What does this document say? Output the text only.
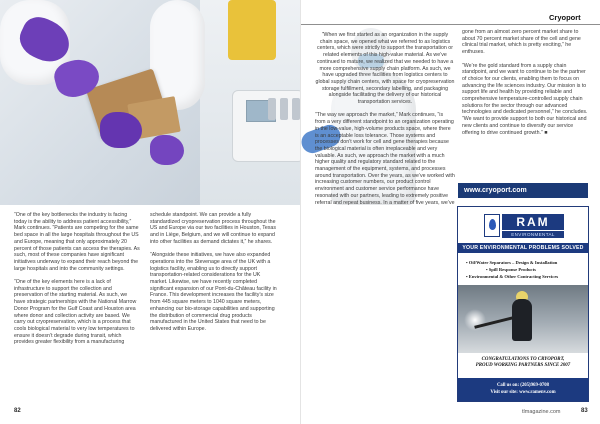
“One of the key bottlenecks the industry is facing today is the ability to address patient accessibility,” Mark continues. “Patients are competing for the same bed space in all the large hospitals throughout the US and Europe, meaning that only approximately 20 percent of those patients can access the therapies. As such, most of these companies have significant initiatives underway to expand their reach beyond the large hospitals and into the community settings.

“One of the key elements here is a lack of infrastructure to support the collection and preservation of the starting material. As such, we have strategic partnerships with the National Marrow Donor Program for the Gulf Coast and Houston area where donor and collection activity are based. We carry out cryopreservation, which is a process that cools biological material to very low temperatures to ensure it doesn’t degrade during transit, which provides greater flexibility from a manufacturing

schedule standpoint. We can provide a fully standardized cryopreservation process throughout the US and Europe via our two facilities in Houston, Texas and in Liège, Belgium, and we will continue to expand into other facilities as demand dictates it,” he shares.

“Alongside these initiatives, we have also expanded operations into the Stevenage area of the UK with a logistics facility, enabling us to directly support transportation-related considerations for the UK market. Likewise, we have recently completed significant expansion of our Pont-du-Château facility in France. This development increases the facility’s size from 445 square meters to 1040 square meters, enhancing our bio-storage capabilities and supporting the distribution of commercial drug products manufactured in the United States that need to be delivered within Europe.

82
Cryoport

“When we first started as an organization in the supply chain space, we opened what we referred to as logistics centers, which were strictly to support the transportation or related elements of this high-value material. As we’ve continued to mature, we realized that we needed to have a more comprehensive supply chain platform. As such, we have upgraded three facilities from logistics centers to global supply chain centers, with space for cryopreservation storage fulfillment, secondary labelling, and packaging alongside facilitating the delivery of our historical transportation services.

“The way we approach the market,” Mark continues, “is from a very different standpoint to an organization operating in the low-value, high-volume products space, where there is an acceptable loss tolerance. Those systems and processes don’t work for cell and gene therapies because the biological material is often irreplaceable and very valuable. As such, we approach the market with a much higher quality and regulatory standard related to the management of the equipment, systems, and processes around transportation. Over the years, as we’ve worked with increasing customer numbers, our product control environment and customer service performance have resonated with our partners, leading to extremely positive referral and repeat business. In a matter of five years, we’ve

gone from an almost zero percent market share to about 70 percent market share of the cell and gene clinical trial market, which is pretty exciting,” he enthuses.

“We’re the gold standard from a supply chain standpoint, and we want to continue to be the partner of choice for our clients, enabling them to focus on advancing the life sciences industry. Our mission is to support life and health by providing reliable and comprehensive temperature-controlled supply chain solutions for the sector through our advanced technologies and dedicated personnel,” he concludes. “We want to provide support to both our historical and new clients and continue to diversify our service offering to drive continued growth.” ■

www.cryoport.com
RAM
ENVIRONMENTAL
YOUR ENVIRONMENTAL PROBLEMS SOLVED
• Oil/Water Separators – Design & Installation
• Spill Response Products
• Environmental & Other Contracting Services
CONGRATULATIONS TO CRYOPORT,
PROUD WORKING PARTNERS SINCE 2007
Call us on: (205)969-0708
Visit our site: www.ramenv.com
tlmagazine.com	83
